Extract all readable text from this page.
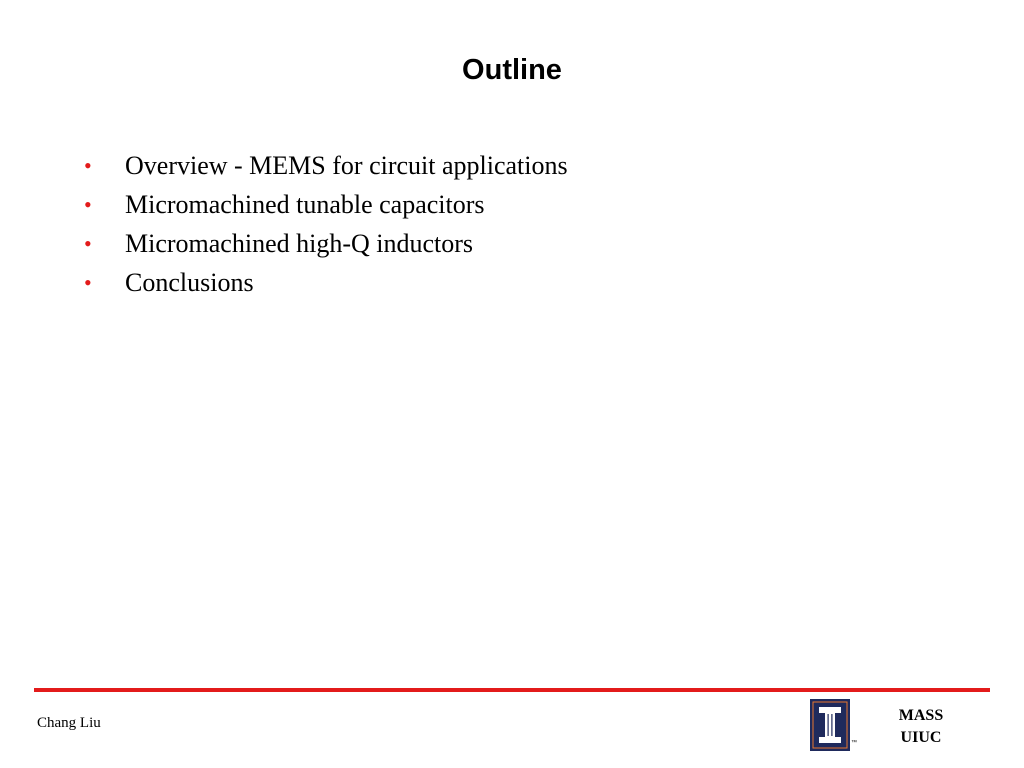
Outline
•	Overview - MEMS for circuit applications
•	Micromachined tunable capacitors
•	Micromachined high-Q inductors
•	Conclusions
Chang Liu
™
MASS
UIUC
